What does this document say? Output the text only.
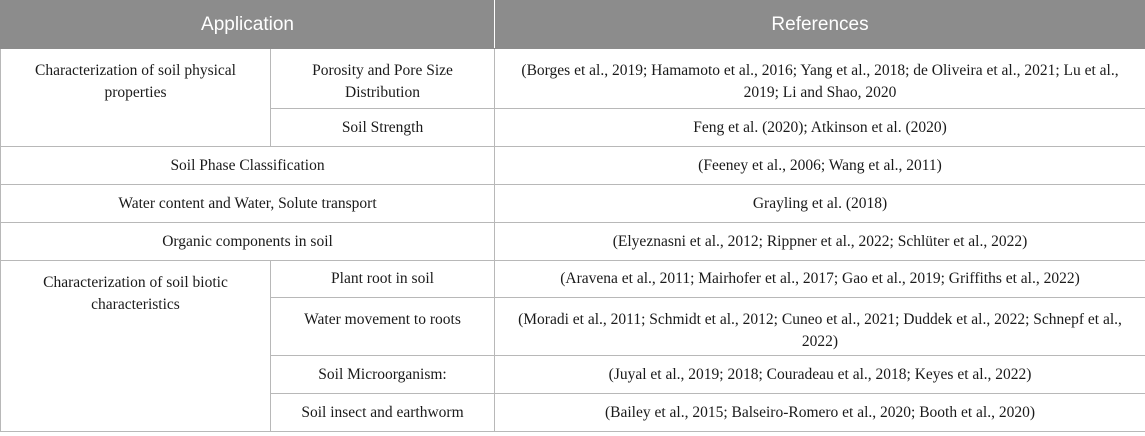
Application		References
Characterization of soil physical properties	Porosity and Pore Size Distribution	(Borges et al., 2019; Hamamoto et al., 2016; Yang et al., 2018; de Oliveira et al., 2021; Lu et al., 2019; Li and Shao, 2020
	Soil Strength	Feng et al. (2020); Atkinson et al. (2020)
Soil Phase Classification		(Feeney et al., 2006; Wang et al., 2011)
Water content and Water, Solute transport		Grayling et al. (2018)
Organic components in soil		(Elyeznasni et al., 2012; Rippner et al., 2022; Schlüter et al., 2022)
Characterization of soil biotic characteristics	Plant root in soil	(Aravena et al., 2011; Mairhofer et al., 2017; Gao et al., 2019; Griffiths et al., 2022)
	Water movement to roots	(Moradi et al., 2011; Schmidt et al., 2012; Cuneo et al., 2021; Duddek et al., 2022; Schnepf et al., 2022)
	Soil Microorganism:	(Juyal et al., 2019; 2018; Couradeau et al., 2018; Keyes et al., 2022)
	Soil insect and earthworm	(Bailey et al., 2015; Balseiro-Romero et al., 2020; Booth et al., 2020)
